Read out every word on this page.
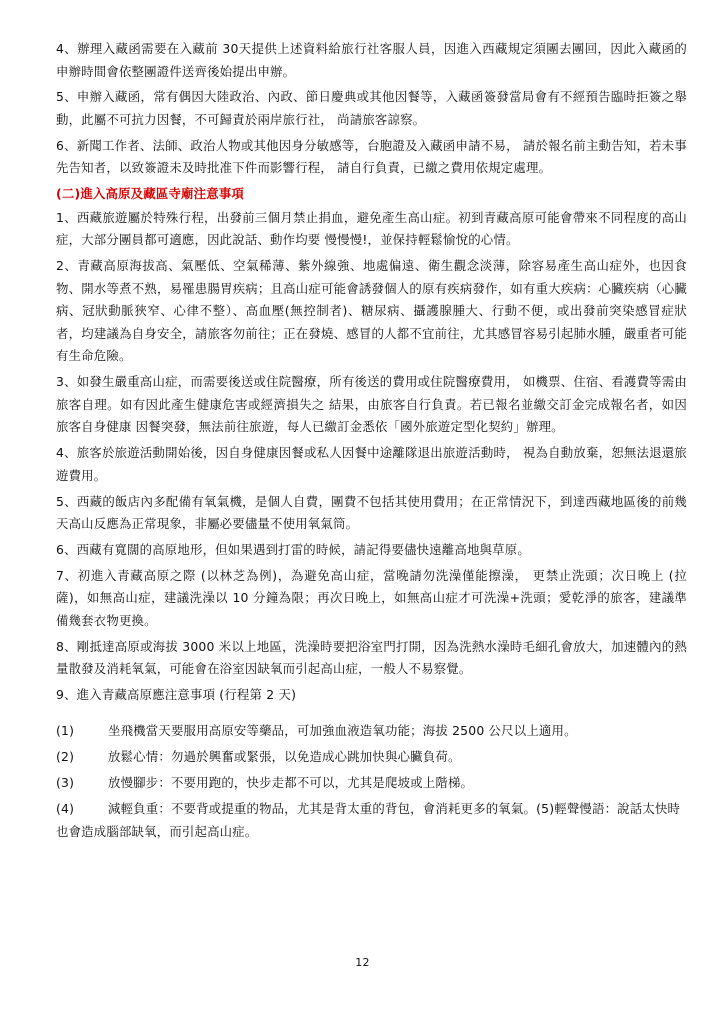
4、辦理入藏函需要在入藏前 30天提供上述資料給旅行社客服人員，因進入西藏規定須團去團回，因此入藏函的申辦時間會依整團證件送齊後始提出申辦。

5、申辦入藏函，常有偶因大陸政治、內政、節日慶典或其他因餐等，入藏函簽發當局會有不經預告臨時拒簽之舉動，此屬不可抗力因餐，不可歸責於兩岸旅行社， 尚請旅客諒察。

6、新聞工作者、法師、政治人物或其他因身分敏感等，台胞證及入藏函申請不易， 請於報名前主動告知，若未事先告知者，以致簽證未及時批准下件而影響行程， 請自行負責，已繳之費用依規定處理。

(二)進入高原及藏區寺廟注意事項

1、西藏旅遊屬於特殊行程，出發前三個月禁止捐血，避免產生高山症。初到青藏高原可能會帶來不同程度的高山症，大部分團員都可適應，因此說話、動作均要 慢慢慢!，並保持輕鬆愉悅的心情。

2、青藏高原海拔高、氣壓低、空氣稀薄、紫外線強、地處偏遠、衛生觀念淡薄，除容易產生高山症外，也因食物、開水等煮不熟，易罹患腸胃疾病；且高山症可能會誘發個人的原有疾病發作，如有重大疾病：心臟疾病（心臟病、冠狀動脈狹窄、心律不整）、高血壓(無控制者)、糖尿病、攝護腺腫大、行動不便，或出發前突染感冒症狀者，均建議為自身安全，請旅客勿前往；正在發燒、感冒的人都不宜前往，尤其感冒容易引起肺水腫，嚴重者可能有生命危險。

3、如發生嚴重高山症，而需要後送或住院醫療，所有後送的費用或住院醫療費用， 如機票、住宿、看護費等需由旅客自理。如有因此產生健康危害或經濟損失之 結果，由旅客自行負責。若已報名並繳交訂金完成報名者，如因旅客自身健康 因餐突發，無法前往旅遊，每人已繳訂金悉依「國外旅遊定型化契約」辦理。

4、旅客於旅遊活動開始後，因自身健康因餐或私人因餐中途離隊退出旅遊活動時， 視為自動放棄，恕無法退還旅遊費用。

5、西藏的飯店內多配備有氧氣機，是個人自費，團費不包括其使用費用；在正常情況下，到達西藏地區後的前幾天高山反應為正常現象，非屬必要儘量不使用氧氣筒。

6、西藏有寬闊的高原地形，但如果遇到打雷的時候，請記得要儘快遠離高地與草原。

7、初進入青藏高原之際 (以林芝為例)，為避免高山症，當晚請勿洗澡僅能擦澡， 更禁止洗頭；次日晚上 (拉薩)，如無高山症，建議洗澡以 10 分鐘為限；再次日晚上，如無高山症才可洗澡+洗頭；愛乾淨的旅客，建議準備幾套衣物更換。

8、剛抵達高原或海拔 3000 米以上地區，洗澡時要把浴室門打開，因為洗熱水澡時毛細孔會放大，加速體內的熱量散發及消耗氧氣，可能會在浴室因缺氧而引起高山症，一般人不易察覺。

9、進入青藏高原應注意事項 (行程第 2 天)

(1)	坐飛機當天要服用高原安等藥品，可加強血液造氧功能；海拔 2500 公尺以上適用。

(2)	放鬆心情：勿過於興奮或緊張，以免造成心跳加快與心臟負荷。

(3)	放慢腳步：不要用跑的，快步走都不可以，尤其是爬坡或上階梯。

(4)	減輕負重：不要背或提重的物品，尤其是背太重的背包，會消耗更多的氧氣。(5)輕聲慢語：說話太快時也會造成腦部缺氧，而引起高山症。

12
